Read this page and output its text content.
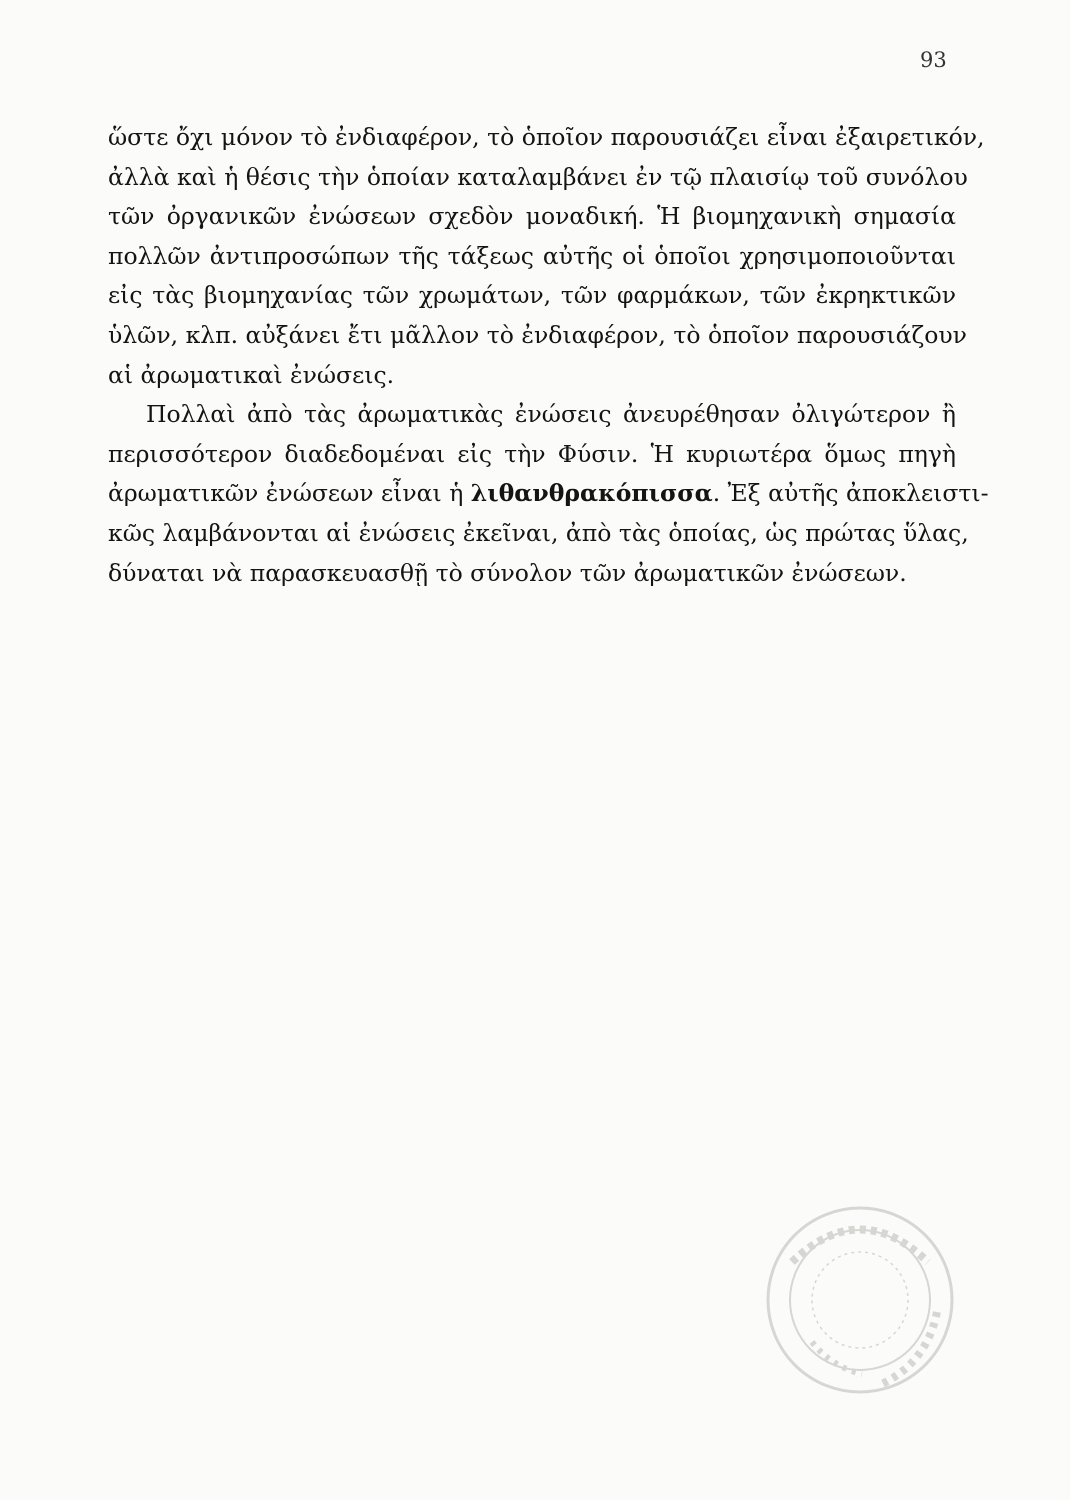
93

ὥστε ὄχι μόνον τὸ ἐνδιαφέρον, τὸ ὁποῖον παρουσιάζει εἶναι ἐξαιρετικόν,
ἀλλὰ καὶ ἡ θέσις τὴν ὁποίαν καταλαμβάνει ἐν τῷ πλαισίῳ τοῦ συνόλου
τῶν ὀργανικῶν ἐνώσεων σχεδὸν μοναδική. Ἡ βιομηχανικὴ σημασία
πολλῶν ἀντιπροσώπων τῆς τάξεως αὐτῆς οἱ ὁποῖοι χρησιμοποιοῦνται
εἰς τὰς βιομηχανίας τῶν χρωμάτων, τῶν φαρμάκων, τῶν ἐκρηκτικῶν
ὑλῶν, κλπ. αὐξάνει ἔτι μᾶλλον τὸ ἐνδιαφέρον, τὸ ὁποῖον παρουσιάζουν
αἱ ἀρωματικαὶ ἐνώσεις.
Πολλαὶ ἀπὸ τὰς ἀρωματικὰς ἐνώσεις ἀνευρέθησαν ὀλιγώτερον ἢ
περισσότερον διαδεδομέναι εἰς τὴν Φύσιν. Ἡ κυριωτέρα ὅμως πηγὴ
ἀρωματικῶν ἐνώσεων εἶναι ἡ λιθανθρακόπισσα. Ἐξ αὐτῆς ἀποκλειστι-
κῶς λαμβάνονται αἱ ἐνώσεις ἐκεῖναι, ἀπὸ τὰς ὁποίας, ὡς πρώτας ὕλας,
δύναται νὰ παρασκευασθῇ τὸ σύνολον τῶν ἀρωματικῶν ἐνώσεων.
